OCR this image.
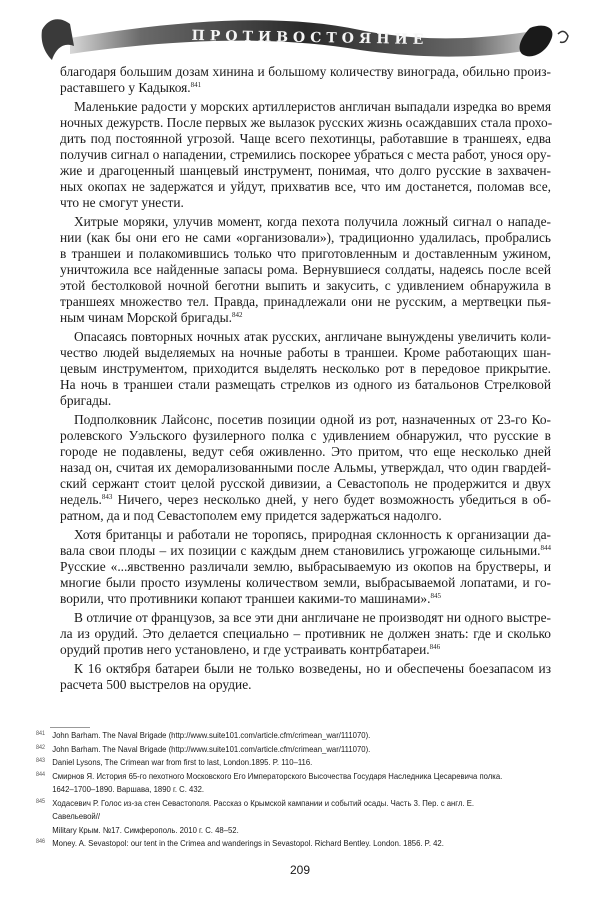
ПРОТИВОСТОЯНИЕ
благодаря большим дозам хинина и большому количеству винограда, обильно произ-
раставшего у Кадыкоя.$^{841}$
Маленькие радости у морских артиллеристов англичан выпадали изредка во время
ночных дежурств. После первых же вылазок русских жизнь осаждавших стала прохо-
дить под постоянной угрозой. Чаще всего пехотинцы, работавшие в траншеях, едва
получив сигнал о нападении, стремились поскорее убраться с места работ, унося ору-
жие и драгоценный шанцевый инструмент, понимая, что долго русские в захвачен-
ных окопах не задержатся и уйдут, прихватив все, что им достанется, поломав все,
что не смогут унести.
Хитрые моряки, улучив момент, когда пехота получила ложный сигнал о нападе-
нии (как бы они его не сами «организовали»), традиционно удалилась, пробрались
в траншеи и полакомившись только что приготовленным и доставленным ужином,
уничтожила все найденные запасы рома. Вернувшиеся солдаты, надеясь после всей
этой бестолковой ночной беготни выпить и закусить, с удивлением обнаружила в
траншеях множество тел. Правда, принадлежали они не русским, а мертвецки пья-
ным чинам Морской бригады.$^{842}$
Опасаясь повторных ночных атак русских, англичане вынуждены увеличить коли-
чество людей выделяемых на ночные работы в траншеи. Кроме работающих шан-
цевым инструментом, приходится выделять несколько рот в передовое прикрытие.
На ночь в траншеи стали размещать стрелков из одного из батальонов Стрелковой
бригады.
Подполковник Лайсонс, посетив позиции одной из рот, назначенных от 23-го Ко-
ролевского Уэльского фузилерного полка с удивлением обнаружил, что русские в
городе не подавлены, ведут себя оживленно. Это притом, что еще несколько дней
назад он, считая их деморализованными после Альмы, утверждал, что один гвардей-
ский сержант стоит целой русской дивизии, а Севастополь не продержится и двух
недель.$^{843}$ Ничего, через несколько дней, у него будет возможность убедиться в об-
ратном, да и под Севастополем ему придется задержаться надолго.
Хотя британцы и работали не торопясь, природная склонность к организации да-
вала свои плоды – их позиции с каждым днем становились угрожающе сильными.$^{844}$
Русские «...явственно различали землю, выбрасываемую из окопов на брустверы, и
многие были просто изумлены количеством земли, выбрасываемой лопатами, и го-
ворили, что противники копают траншеи какими-то машинами».$^{845}$
В отличие от французов, за все эти дни англичане не производят ни одного выстре-
ла из орудий. Это делается специально – противник не должен знать: где и сколько
орудий против него установлено, и где устраивать контрбатареи.$^{846}$
К 16 октября батареи были не только возведены, но и обеспечены боезапасом из
расчета 500 выстрелов на орудие.
841 John Barham. The Naval Brigade (http://www.suite101.com/article.cfm/crimean_war/111070).
842 John Barham. The Naval Brigade (http://www.suite101.com/article.cfm/crimean_war/111070).
843 Daniel Lysons, The Crimean war from first to last, London.1895. P. 110–116.
844 Смирнов Я. История 65-го пехотного Московского Его Императорского Высочества Государя Наследника Цесаревича полка.
1642–1700–1890. Варшава, 1890 г. С. 432.
845 Ходасевич Р. Голос из-за стен Севастополя. Рассказ о Крымской кампании и событий осады. Часть 3. Пер. с англ. Е. Савельевой//
Military Крым. №17. Симферополь. 2010 г. С. 48–52.
846 Money. A. Sevastopol: our tent in the Crimea and wanderings in Sevastopol. Richard Bentley. London. 1856. P. 42.
209
